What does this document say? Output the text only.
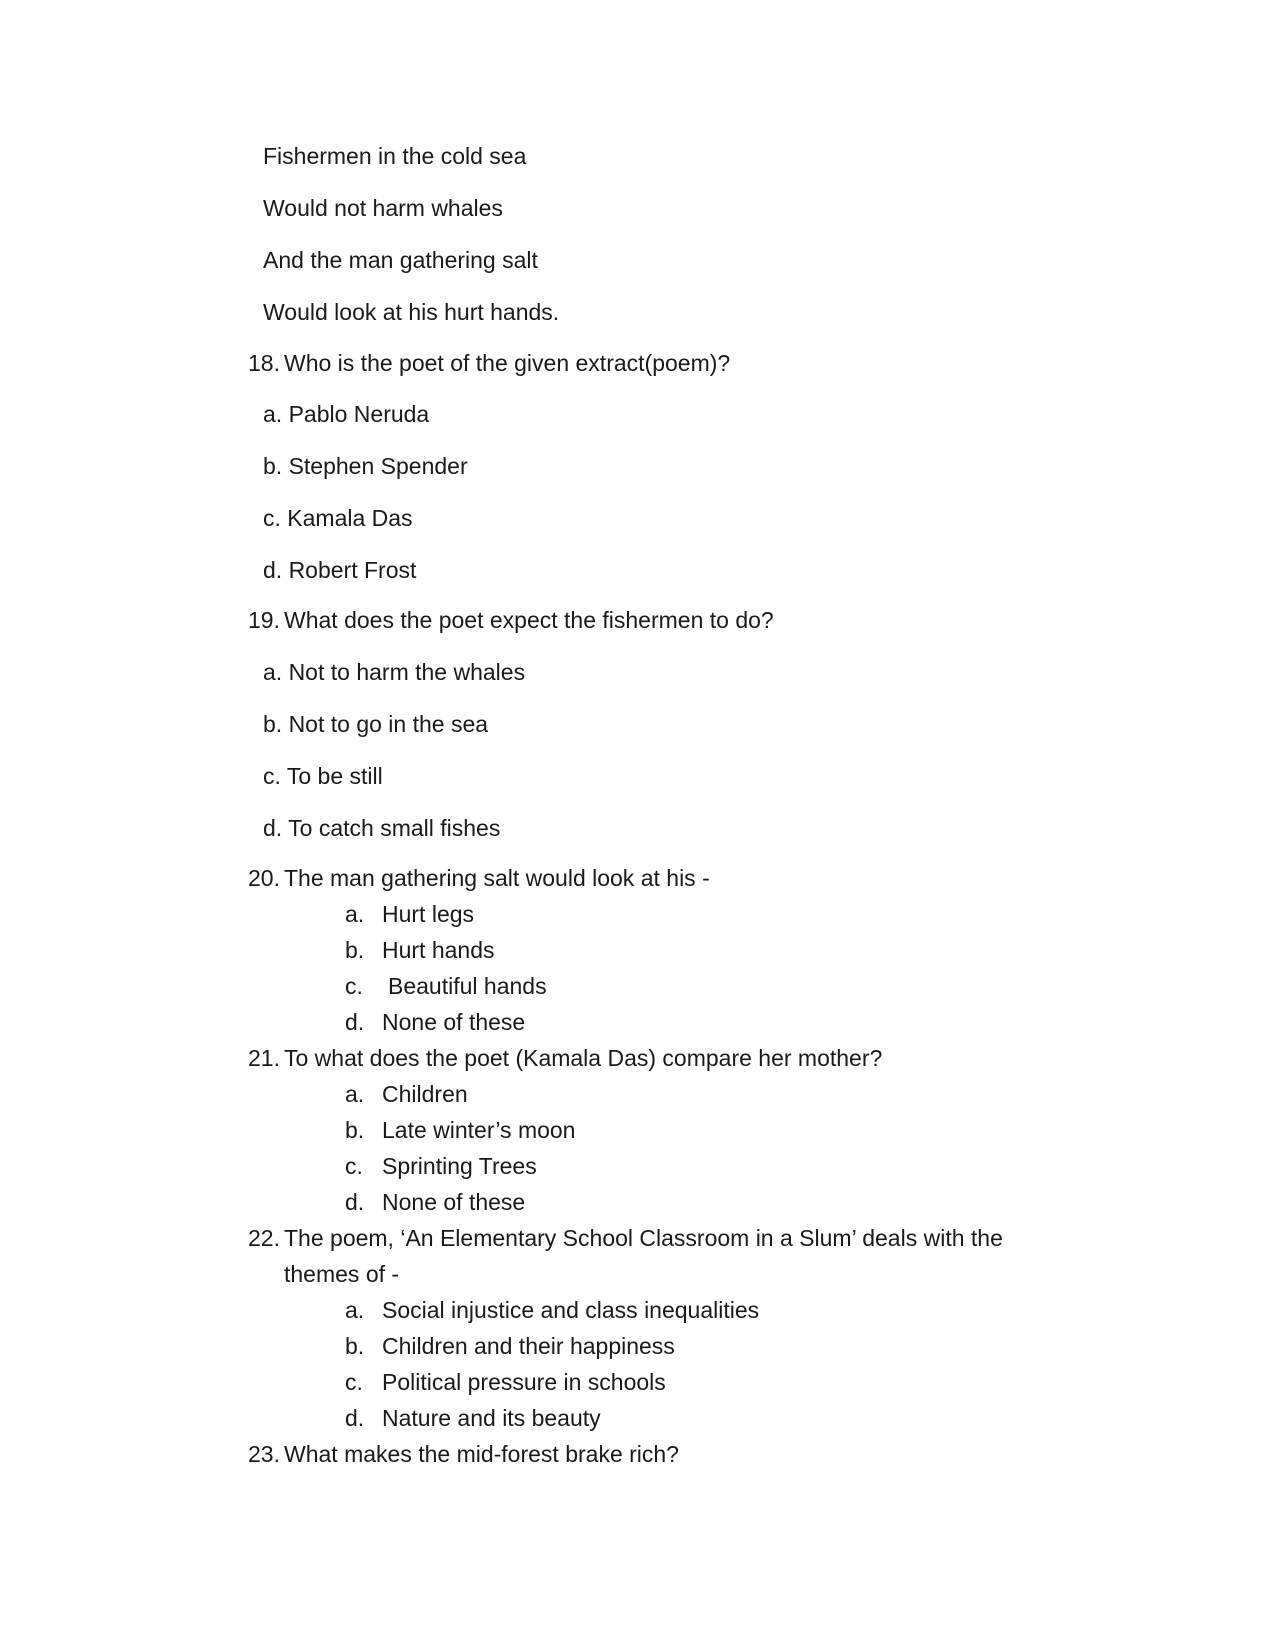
Fishermen in the cold sea
Would not harm whales
And the man gathering salt
Would look at his hurt hands.
18. Who is the poet of the given extract(poem)?
a. Pablo Neruda
b. Stephen Spender
c. Kamala Das
d. Robert Frost
19. What does the poet expect the fishermen to do?
a. Not to harm the whales
b. Not to go in the sea
c. To be still
d. To catch small fishes
20. The man gathering salt would look at his -
a. Hurt legs
b. Hurt hands
c. Beautiful hands
d. None of these
21. To what does the poet (Kamala Das) compare her mother?
a. Children
b. Late winter’s moon
c. Sprinting Trees
d. None of these
22. The poem, ‘An Elementary School Classroom in a Slum’ deals with the
themes of -
a. Social injustice and class inequalities
b. Children and their happiness
c. Political pressure in schools
d. Nature and its beauty
23. What makes the mid-forest brake rich?
